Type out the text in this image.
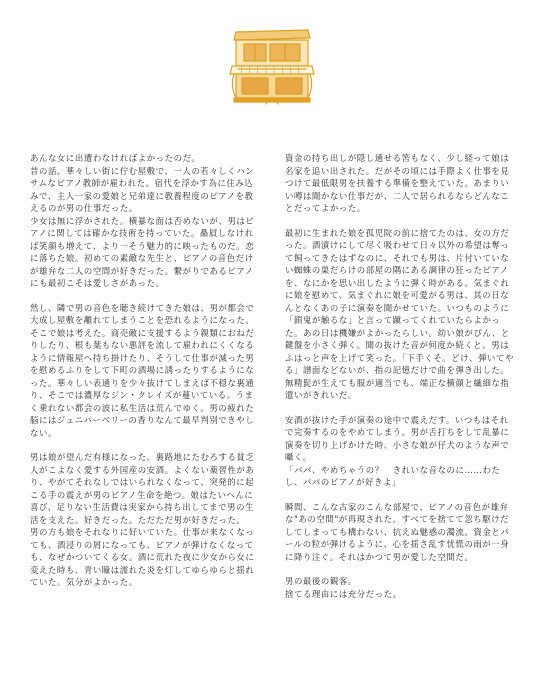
あんな女に出遭わなければよかったのだ。
昔の話。華々しい街に佇む屋敷で、一人の若々しくハンサムなピアノ教師が雇われた。宿代を浮かす為に住み込みで、主人一家の愛娘と兄弟達に教養程度のピアノを教えるのが男の仕事だった。
少女は無に浮かされた。横暴な面は否めないが、男はピアノに関しては確かな技術を持っていた。贔屓しなければ笑顔も増えて、より一そう魅力的に映ったものだ。恋に落ちた娘。初めての素敵な先生と、ピアノの音色だけが雄弁な二人の空間が好きだった。繋がりであるピアノにも最初こそは愛しさがあった。

然し、隣で男の音色を聴き続けてきた娘は、男が都会で大成し屋敷を離れてしまうことを恐れるようになった。そこで娘は考えた。商売敵に支援するよう親類におねだりしたり、根も葉もない悪評を流して雇われにくくなるように情報屋へ持ち掛けたり、そうして仕事が減った男を慰めるふりをして下町の酒場に誘ったりするようになった。華々しい表通りを少々抜けてしまえば不穏な裏通り、そこでは濃厚なジン・クレイズが蔓いている。うまく乗れない都会の波に私生活は荒んでゆく。男の疲れた脳にはジュニパーベリーの香りなんて最早判別できやしない。

男は娘が望んだ有様になった。裏路地にたむろする貧乏人がこよなく愛する外国産の安酒。よくない薬習性があり、やがてそれなしではいられなくなって、突発的に起こる手の震えが男のピアノ生命を絶つ。娘はたいへんに喜び、足りない生活費は実家から持ち出してまで男の生活を支えた。好きだった。ただただ男が好きだった。
男の方も娘をそれなりに好いていた。仕事が来なくなっても、酒浸りの屑になっても、ピアノが弾けなくなっても、なぜかついてくる女。酒に荒れた夜に少女から女に変えた時も、青い瞳は濡れた炎を灯してゆらゆらと揺れていた。気分がよかった。

資金の持ち出しが隠し通せる筈もなく、少し経って娘は名家を追い出された。だがその頃には手際よく仕事を見つけて最低限男を扶養する準備を整えていた。あまりいい噂は聞かない仕事だが、二人で居られるならどんなことだってよかった。

最初に生まれた娘を孤児院の前に捨てたのは、女の方だった。酒漬けにして尽く吸わせて日々以外の希望は奪って飼ってきたはずなのに、それでも男は、片付いていない蜘蛛の巣だらけの部屋の隅にある調律の狂ったピアノを、なにかを思い出したように弾く時がある。気まぐれに娘を慰めて、気まぐれに娘を可愛がる男は、其の日なんとなくあの子に演奏を聞かせていた。いつものように「鎖鬼が触るな」と言って蹴ってくれていたらよかった。あの日は機嫌がよかったらしい。幼い娘がぴん、と鍵盤を小さく弾く。聞の抜けた音が何度か続くと、男はふはっと声を上げて笑った。「下手くそ。どけ、弾いてやる」譜面などないが、指の記憶だけで曲を弾き出した。無精髭が生えても服が適当でも、端正な横顔と繊細な指遣いがきれいだ。

安酒が抜けた手が演奏の途中で震えだす。いつもはそれで完奏するのをやめてしまう。男が舌打ちをして乱暴に演奏を切り上げかけた時、小さな娘が仔犬のような声で囁く。
「パパ、やめちゃうの？　きれいな音なのに……わたし、パパのピアノが好きよ」

瞬間、こんな古家のこんな部屋で、ピアノの音色が雄弁な"あの空間"が再現された。すべてを捨てて忽ち駆けだしてしまっても構わない、抗えぬ魅惑の濁流。資金とパールの粒が弾けるように、心を揺さ乱す忧慌の雨が一身に降り注ぐ。それはかつて男が愛した空間だ。

男の最後の観客。
捨てる理由には充分だった。
